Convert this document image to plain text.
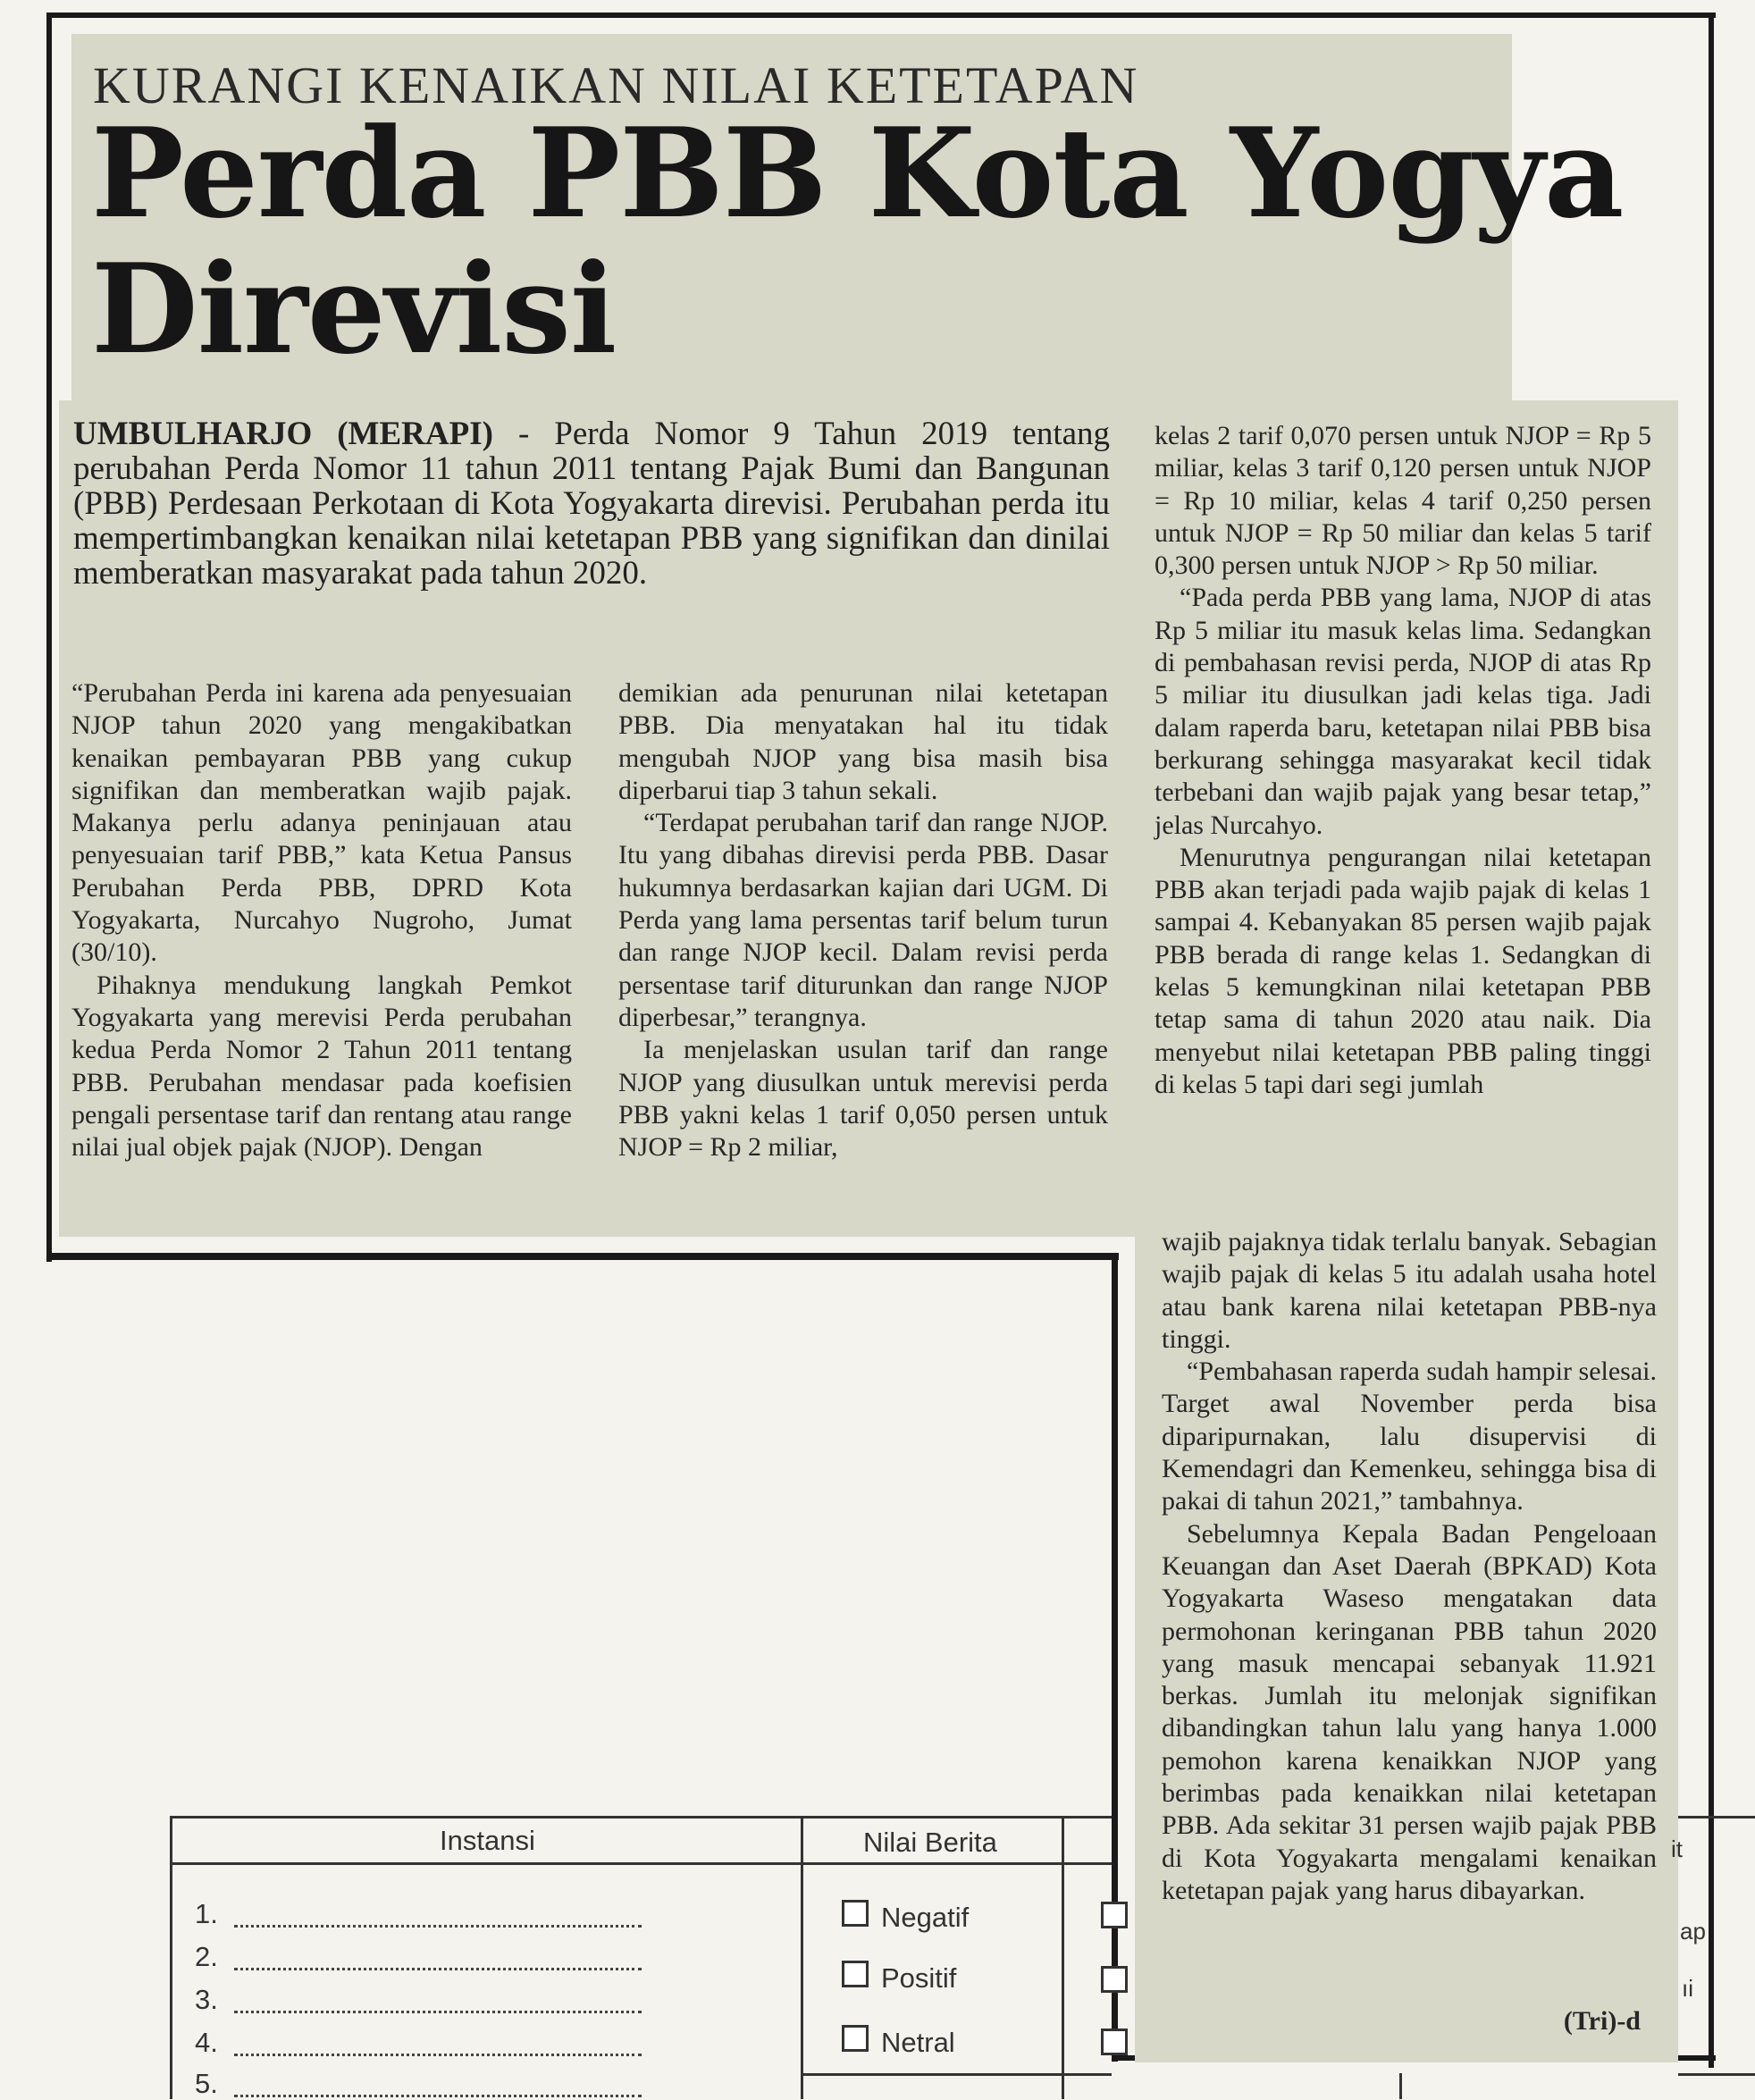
KURANGI KENAIKAN NILAI KETETAPAN
Perda PBB Kota Yogya
Direvisi
UMBULHARJO (MERAPI) - Perda Nomor 9 Tahun 2019 tentang perubahan Perda Nomor 11 tahun 2011 tentang Pajak Bumi dan Bangunan (PBB) Perdesaan Perkotaan di Kota Yogyakarta direvisi. Perubahan perda itu mempertimbangkan kenaikan nilai ketetapan PBB yang signifikan dan dinilai memberatkan masyarakat pada tahun 2020.

“Perubahan Perda ini karena ada penyesuaian NJOP tahun 2020 yang mengakibatkan kenaikan pembayaran PBB yang cukup signifikan dan memberatkan wajib pajak. Makanya perlu adanya peninjauan atau penyesuaian tarif PBB,” kata Ketua Pansus Perubahan Perda PBB, DPRD Kota Yogyakarta, Nurcahyo Nugroho, Jumat (30/10).

Pihaknya mendukung langkah Pemkot Yogyakarta yang merevisi Perda perubahan kedua Perda Nomor 2 Tahun 2011 tentang PBB. Perubahan mendasar pada koefisien pengali persentase tarif dan rentang atau range nilai jual objek pajak (NJOP). Dengan

demikian ada penurunan nilai ketetapan PBB. Dia menyatakan hal itu tidak mengubah NJOP yang bisa masih bisa diperbarui tiap 3 tahun sekali.

“Terdapat perubahan tarif dan range NJOP. Itu yang dibahas direvisi perda PBB. Dasar hukumnya berdasarkan kajian dari UGM. Di Perda yang lama persentas tarif belum turun dan range NJOP kecil. Dalam revisi perda persentase tarif diturunkan dan range NJOP diperbesar,” terangnya.

Ia menjelaskan usulan tarif dan range NJOP yang diusulkan untuk merevisi perda PBB yakni kelas 1 tarif 0,050 persen untuk NJOP = Rp 2 miliar,

kelas 2 tarif 0,070 persen untuk NJOP = Rp 5 miliar, kelas 3 tarif 0,120 persen untuk NJOP = Rp 10 miliar, kelas 4 tarif 0,250 persen untuk NJOP = Rp 50 miliar dan kelas 5 tarif 0,300 persen untuk NJOP > Rp 50 miliar.

“Pada perda PBB yang lama, NJOP di atas Rp 5 miliar itu masuk kelas lima. Sedangkan di pembahasan revisi perda, NJOP di atas Rp 5 miliar itu diusulkan jadi kelas tiga. Jadi dalam raperda baru, ketetapan nilai PBB bisa berkurang sehingga masyarakat kecil tidak terbebani dan wajib pajak yang besar tetap,” jelas Nurcahyo.

Menurutnya pengurangan nilai ketetapan PBB akan terjadi pada wajib pajak di kelas 1 sampai 4. Kebanyakan 85 persen wajib pajak PBB berada di range kelas 1. Sedangkan di kelas 5 kemungkinan nilai ketetapan PBB tetap sama di tahun 2020 atau naik. Dia menyebut nilai ketetapan PBB paling tinggi di kelas 5 tapi dari segi jumlah

wajib pajaknya tidak terlalu banyak. Sebagian wajib pajak di kelas 5 itu adalah usaha hotel atau bank karena nilai ketetapan PBB-nya tinggi.

“Pembahasan raperda sudah hampir selesai. Target awal November perda bisa diparipurnakan, lalu disupervisi di Kemendagri dan Kemenkeu, sehingga bisa di pakai di tahun 2021,” tambahnya.

Sebelumnya Kepala Badan Pengeloaan Keuangan dan Aset Daerah (BPKAD) Kota Yogyakarta Waseso mengatakan data permohonan keringanan PBB tahun 2020 yang masuk mencapai sebanyak 11.921 berkas. Jumlah itu melonjak signifikan dibandingkan tahun lalu yang hanya 1.000 pemohon karena kenaikkan NJOP yang berimbas pada kenaikkan nilai ketetapan PBB. Ada sekitar 31 persen wajib pajak PBB di Kota Yogyakarta mengalami kenaikan ketetapan pajak yang harus dibayarkan.

(Tri)-d
Instansi	Nilai Berita
1.
2.
3.
4.
5.
Negatif
Positif
Netral
it
ap
ıi
